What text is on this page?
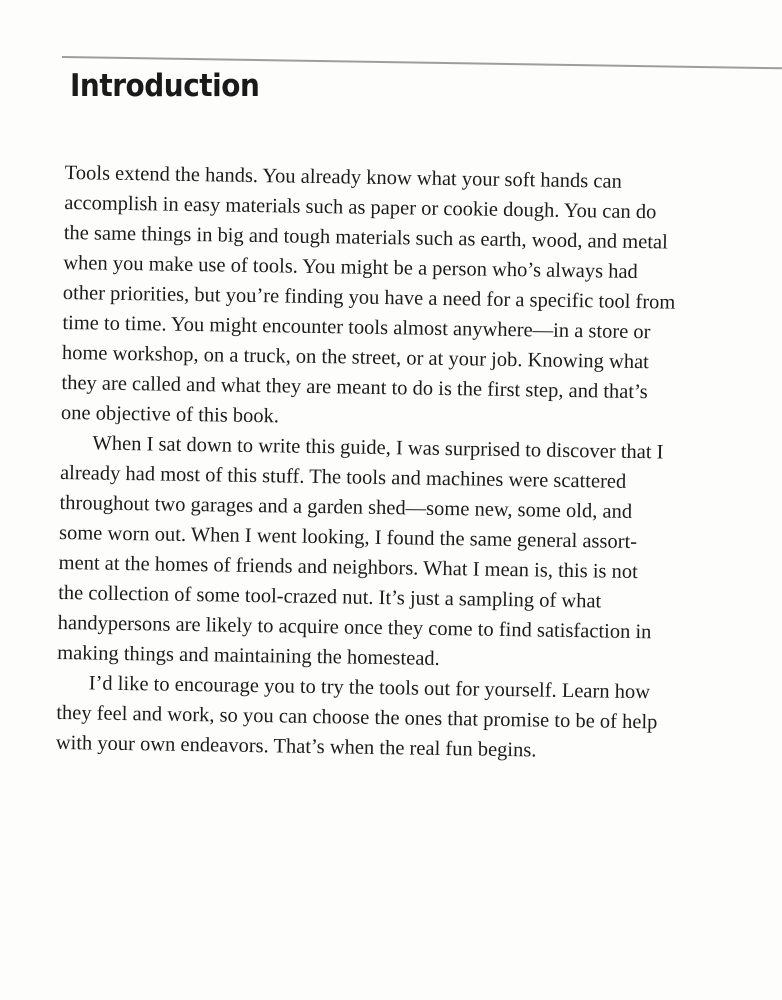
Introduction

Tools extend the hands. You already know what your soft hands can
accomplish in easy materials such as paper or cookie dough. You can do
the same things in big and tough materials such as earth, wood, and metal
when you make use of tools. You might be a person who’s always had
other priorities, but you’re finding you have a need for a specific tool from
time to time. You might encounter tools almost anywhere—in a store or
home workshop, on a truck, on the street, or at your job. Knowing what
they are called and what they are meant to do is the first step, and that’s
one objective of this book.

When I sat down to write this guide, I was surprised to discover that I
already had most of this stuff. The tools and machines were scattered
throughout two garages and a garden shed—some new, some old, and
some worn out. When I went looking, I found the same general assort-
ment at the homes of friends and neighbors. What I mean is, this is not
the collection of some tool-crazed nut. It’s just a sampling of what
handypersons are likely to acquire once they come to find satisfaction in
making things and maintaining the homestead.

I’d like to encourage you to try the tools out for yourself. Learn how
they feel and work, so you can choose the ones that promise to be of help
with your own endeavors. That’s when the real fun begins.
